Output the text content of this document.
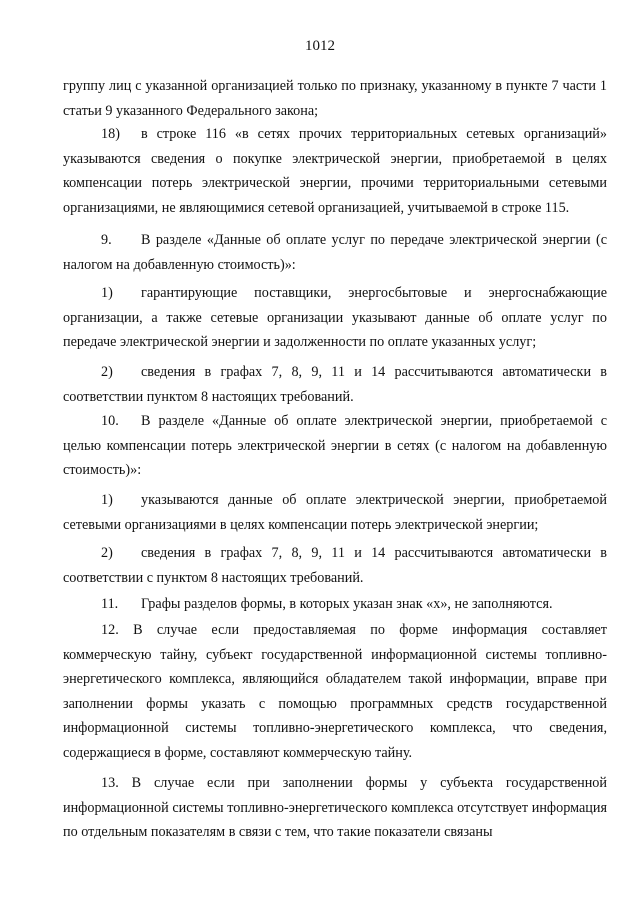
1012

группу лиц с указанной организацией только по признаку, указанному в пункте 7 части 1 статьи 9 указанного Федерального закона;

18) в строке 116 «в сетях прочих территориальных сетевых организаций» указываются сведения о покупке электрической энергии, приобретаемой в целях компенсации потерь электрической энергии, прочими территориальными сетевыми организациями, не являющимися сетевой организацией, учитываемой в строке 115.

9. В разделе «Данные об оплате услуг по передаче электрической энергии (с налогом на добавленную стоимость)»:

1) гарантирующие поставщики, энергосбытовые и энергоснабжающие организации, а также сетевые организации указывают данные об оплате услуг по передаче электрической энергии и задолженности по оплате указанных услуг;

2) сведения в графах 7, 8, 9, 11 и 14 рассчитываются автоматически в соответствии пунктом 8 настоящих требований.

10. В разделе «Данные об оплате электрической энергии, приобретаемой с целью компенсации потерь электрической энергии в сетях (с налогом на добавленную стоимость)»:

1) указываются данные об оплате электрической энергии, приобретаемой сетевыми организациями в целях компенсации потерь электрической энергии;

2) сведения в графах 7, 8, 9, 11 и 14 рассчитываются автоматически в соответствии с пунктом 8 настоящих требований.

11. Графы разделов формы, в которых указан знак «х», не заполняются.

12. В случае если предоставляемая по форме информация составляет коммерческую тайну, субъект государственной информационной системы топливно-энергетического комплекса, являющийся обладателем такой информации, вправе при заполнении формы указать с помощью программных средств государственной информационной системы топливно-энергетического комплекса, что сведения, содержащиеся в форме, составляют коммерческую тайну.

13. В случае если при заполнении формы у субъекта государственной информационной системы топливно-энергетического комплекса отсутствует информация по отдельным показателям в связи с тем, что такие показатели связаны
